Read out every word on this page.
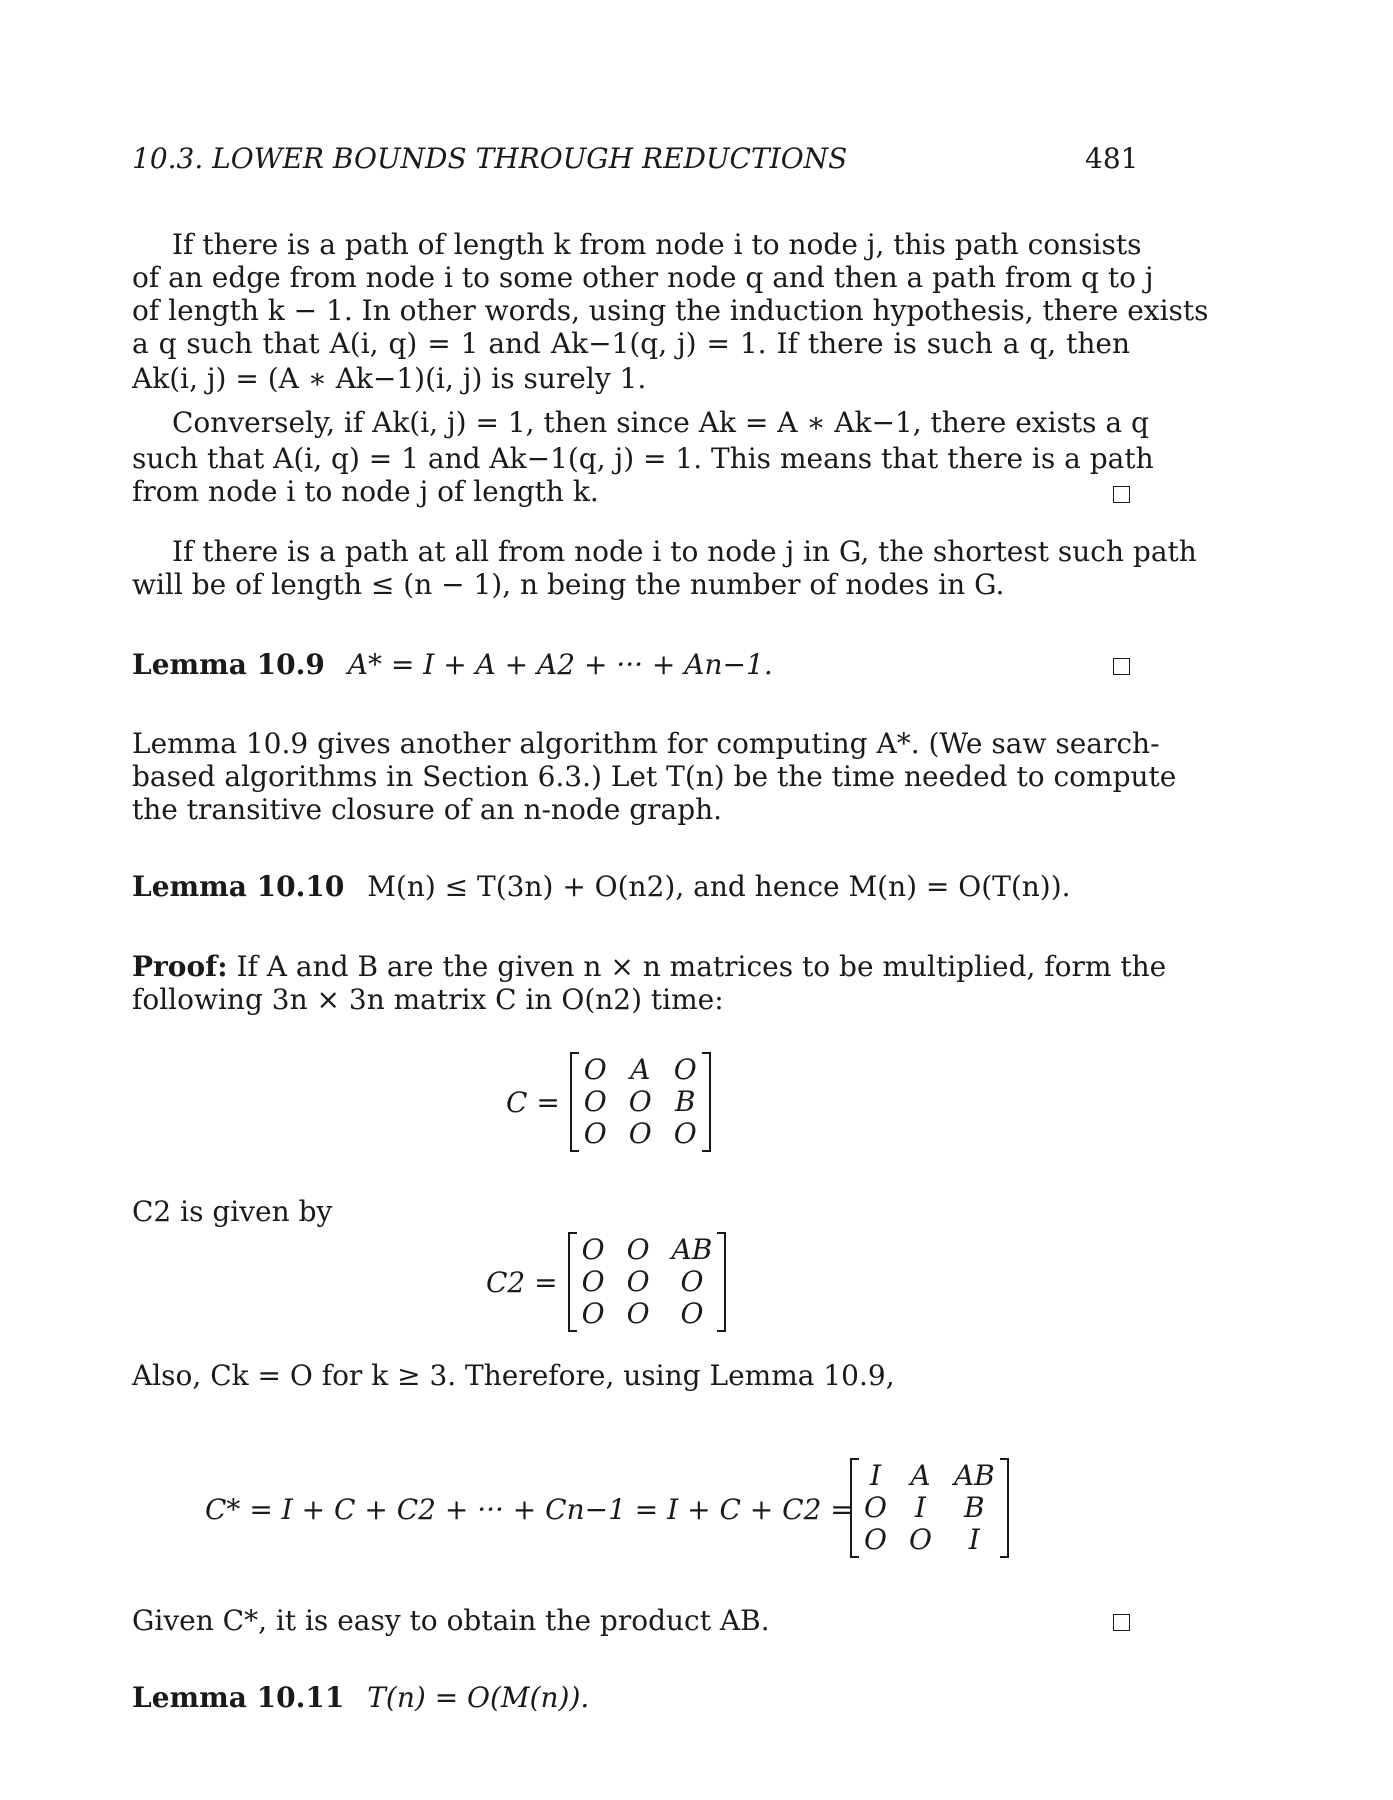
10.3. LOWER BOUNDS THROUGH REDUCTIONS	481
If there is a path of length k from node i to node j, this path consists
of an edge from node i to some other node q and then a path from q to j
of length k − 1. In other words, using the induction hypothesis, there exists
a q such that A(i, q) = 1 and Ak−1(q, j) = 1. If there is such a q, then
Ak(i, j) = (A ∗ Ak−1)(i, j) is surely 1.
Conversely, if Ak(i, j) = 1, then since Ak = A ∗ Ak−1, there exists a q
such that A(i, q) = 1 and Ak−1(q, j) = 1. This means that there is a path
from node i to node j of length k.
If there is a path at all from node i to node j in G, the shortest such path
will be of length ≤ (n − 1), n being the number of nodes in G.
Lemma 10.9 A* = I + A + A2 + ··· + An−1.
Lemma 10.9 gives another algorithm for computing A*. (We saw search-
based algorithms in Section 6.3.) Let T(n) be the time needed to compute
the transitive closure of an n-node graph.
Lemma 10.10 M(n) ≤ T(3n) + O(n2), and hence M(n) = O(T(n)).
Proof: If A and B are the given n × n matrices to be multiplied, form the
following 3n × 3n matrix C in O(n2) time:
C =
O A O
O O B
O O O
C2 is given by
C2 =
O O AB
O O	O
O O	O
Also, Ck = O for k ≥ 3. Therefore, using Lemma 10.9,
C* = I + C + C2 + ··· + Cn−1 = I + C + C2 =
I A AB
O I	B
O O	I
Given C*, it is easy to obtain the product AB.
Lemma 10.11 T(n) = O(M(n)).
